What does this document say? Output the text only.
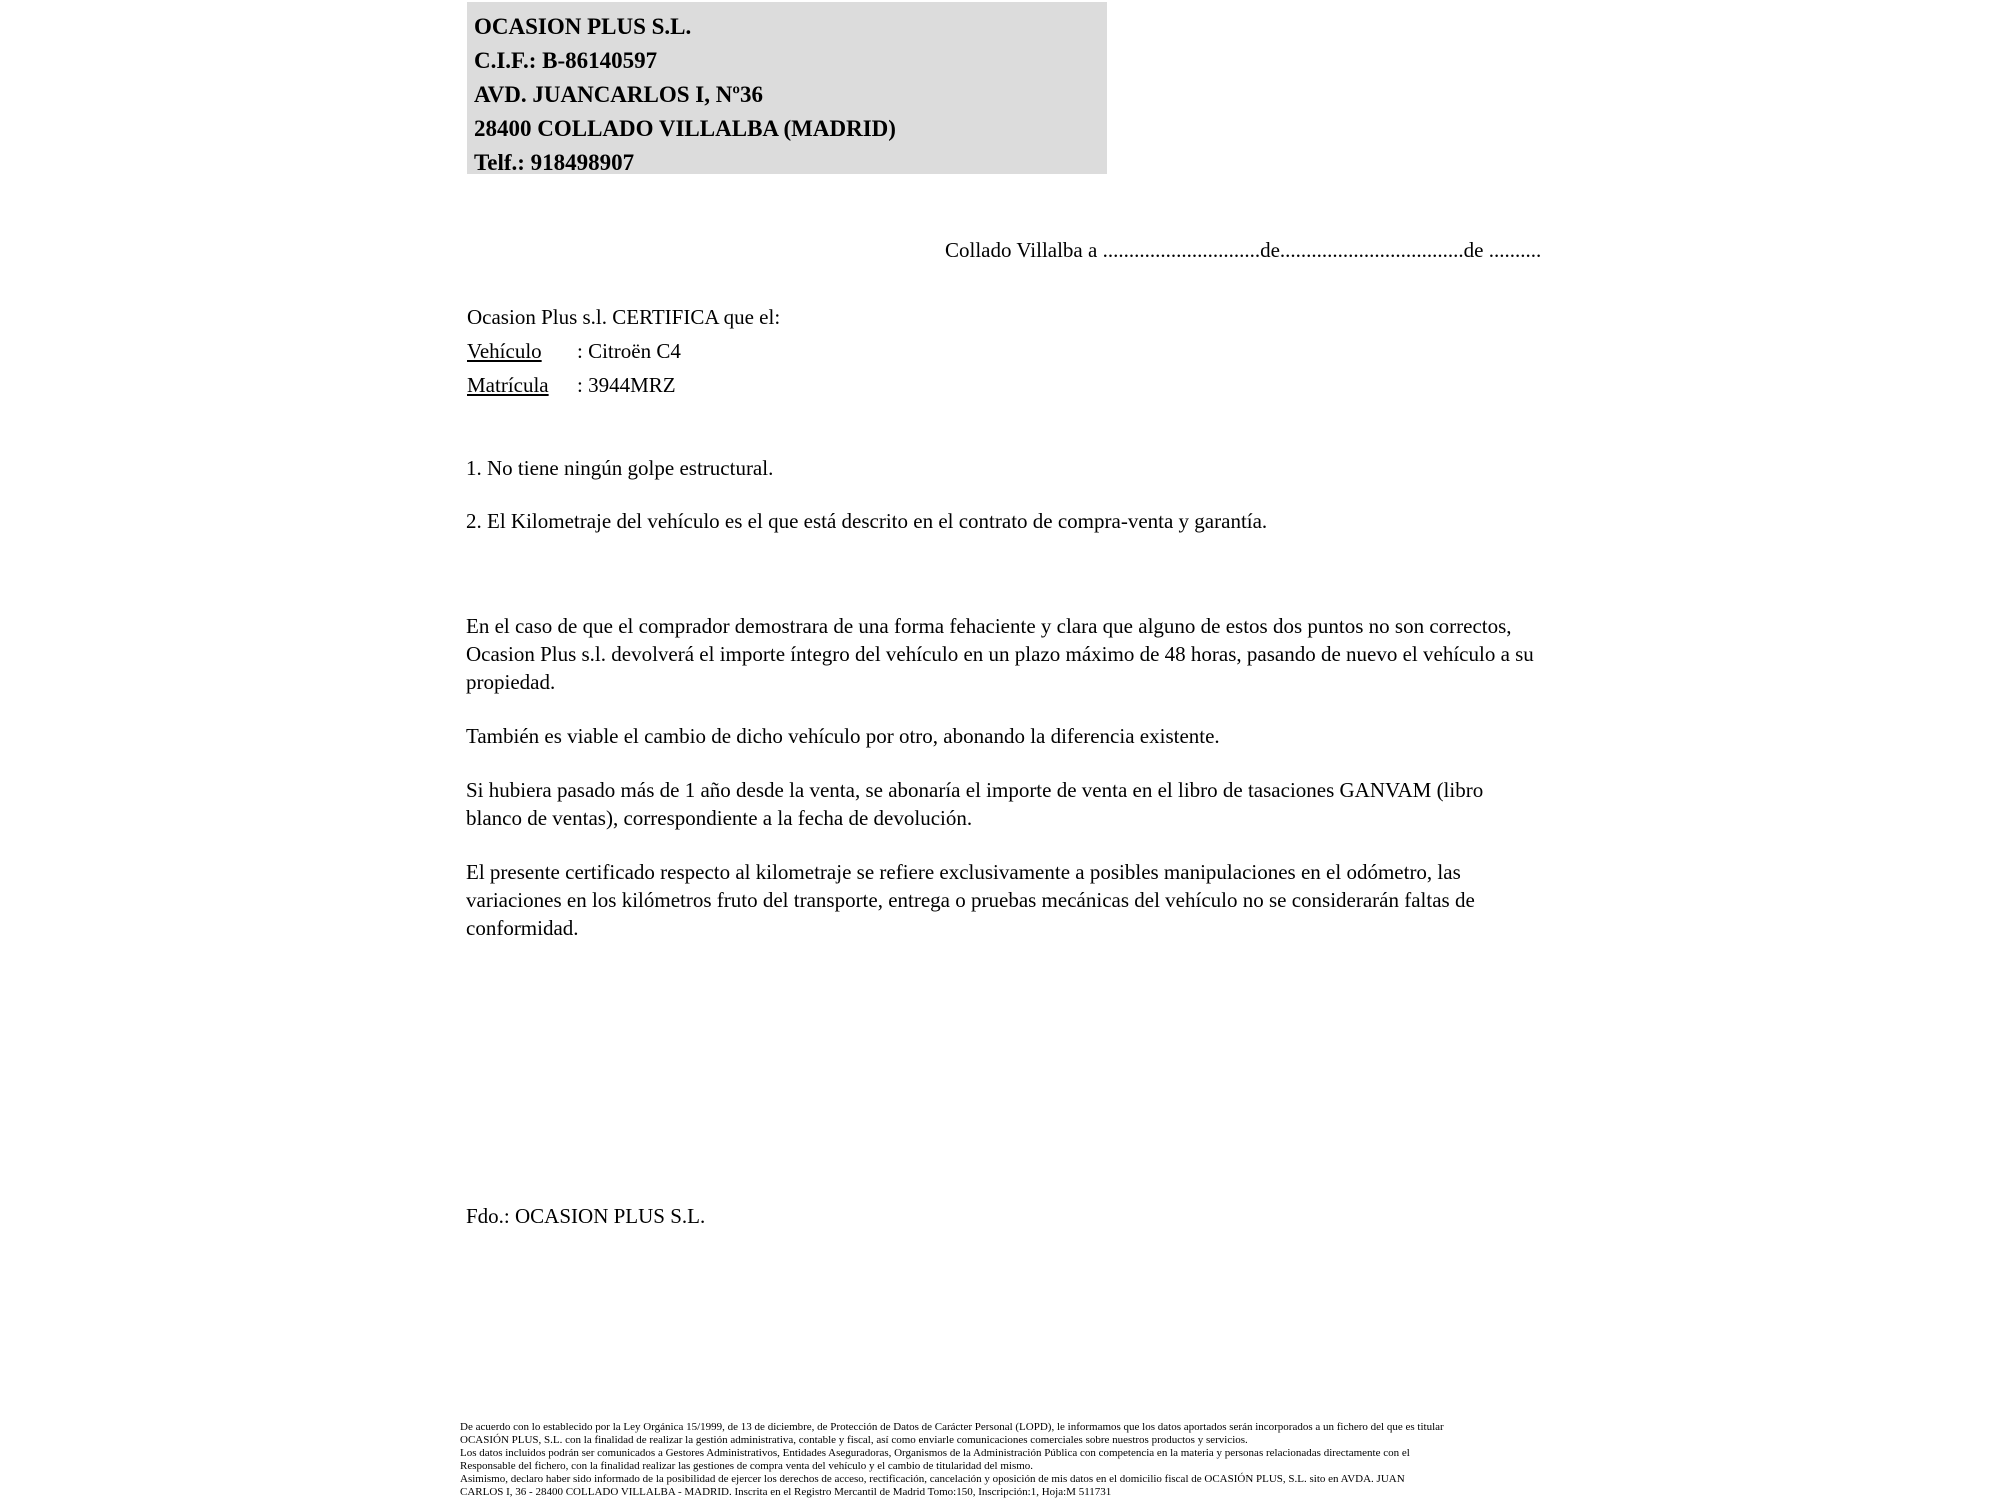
OCASION PLUS S.L.
C.I.F.: B-86140597
AVD. JUANCARLOS I, Nº36
28400 COLLADO VILLALBA (MADRID)
Telf.: 918498907
Collado Villalba a ..............................de...................................de ..........
Ocasion Plus s.l. CERTIFICA que el:
Vehículo : Citroën C4
Matrícula : 3944MRZ
1. No tiene ningún golpe estructural.
2. El Kilometraje del vehículo es el que está descrito en el contrato de compra-venta y garantía.

En el caso de que el comprador demostrara de una forma fehaciente y clara que alguno de estos dos puntos no son correctos, Ocasion Plus s.l. devolverá el importe íntegro del vehículo en un plazo máximo de 48 horas, pasando de nuevo el vehículo a su propiedad.

También es viable el cambio de dicho vehículo por otro, abonando la diferencia existente.

Si hubiera pasado más de 1 año desde la venta, se abonaría el importe de venta en el libro de tasaciones GANVAM (libro blanco de ventas), correspondiente a la fecha de devolución.

El presente certificado respecto al kilometraje se refiere exclusivamente a posibles manipulaciones en el odómetro, las variaciones en los kilómetros fruto del transporte, entrega o pruebas mecánicas del vehículo no se considerarán faltas de conformidad.

Fdo.: OCASION PLUS S.L.
De acuerdo con lo establecido por la Ley Orgánica 15/1999, de 13 de diciembre, de Protección de Datos de Carácter Personal (LOPD), le informamos que los datos aportados serán incorporados a un fichero del que es titular
OCASIÓN PLUS, S.L. con la finalidad de realizar la gestión administrativa, contable y fiscal, así como enviarle comunicaciones comerciales sobre nuestros productos y servicios.
Los datos incluidos podrán ser comunicados a Gestores Administrativos, Entidades Aseguradoras, Organismos de la Administración Pública con competencia en la materia y personas relacionadas directamente con el
Responsable del fichero, con la finalidad realizar las gestiones de compra venta del vehículo y el cambio de titularidad del mismo.
Asimismo, declaro haber sido informado de la posibilidad de ejercer los derechos de acceso, rectificación, cancelación y oposición de mis datos en el domicilio fiscal de OCASIÓN PLUS, S.L. sito en AVDA. JUAN
CARLOS I, 36 - 28400 COLLADO VILLALBA - MADRID. Inscrita en el Registro Mercantil de Madrid Tomo:150, Inscripción:1, Hoja:M 511731
